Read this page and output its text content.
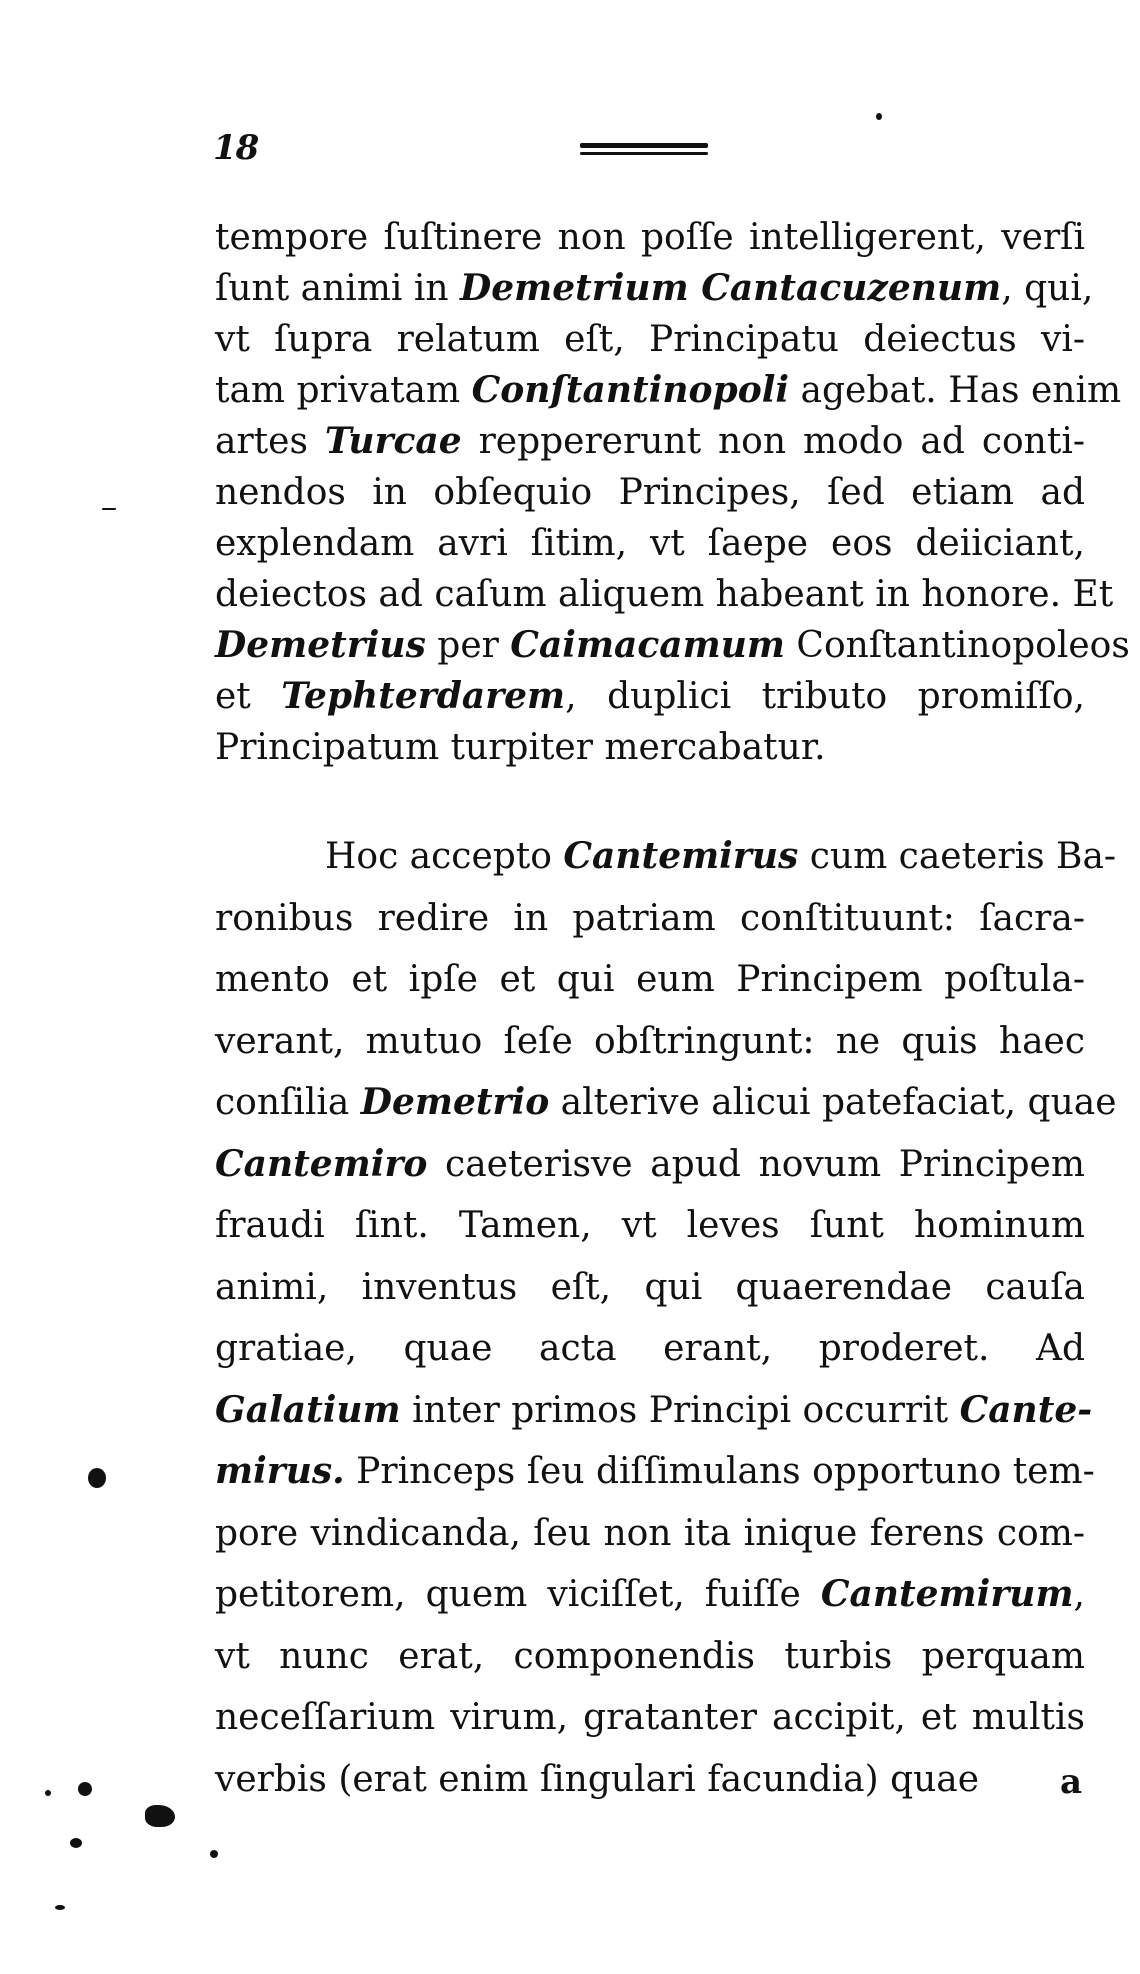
18
tempore ſuſtinere non poſſe intelligerent, verſi
ſunt animi in Demetrium Cantacuzenum, qui,
vt ſupra relatum eſt, Principatu deiectus vi-
tam privatam Conſtantinopoli agebat. Has enim
artes Turcae reppererunt non modo ad conti-
nendos in obſequio Principes, ſed etiam ad
explendam avri ſitim, vt ſaepe eos deiiciant,
deiectos ad caſum aliquem habeant in honore. Et
Demetrius per Caimacamum Conſtantinopoleos
et Tephterdarem, duplici tributo promiſſo,
Principatum turpiter mercabatur.
Hoc accepto Cantemirus cum caeteris Ba-
ronibus redire in patriam conſtituunt: ſacra-
mento et ipſe et qui eum Principem poſtula-
verant, mutuo ſeſe obſtringunt: ne quis haec
conſilia Demetrio alterive alicui patefaciat, quae
Cantemiro caeterisve apud novum Principem
fraudi ſint. Tamen, vt leves ſunt hominum
animi, inventus eſt, qui quaerendae cauſa
gratiae, quae acta erant, proderet. Ad
Galatium inter primos Principi occurrit Cante-
mirus. Princeps ſeu diſſimulans opportuno tem-
pore vindicanda, ſeu non ita inique ferens com-
petitorem, quem viciſſet, fuiſſe Cantemirum,
vt nunc erat, componendis turbis perquam
neceſſarium virum, gratanter accipit, et multis
verbis (erat enim ſingulari facundia) quae	a
